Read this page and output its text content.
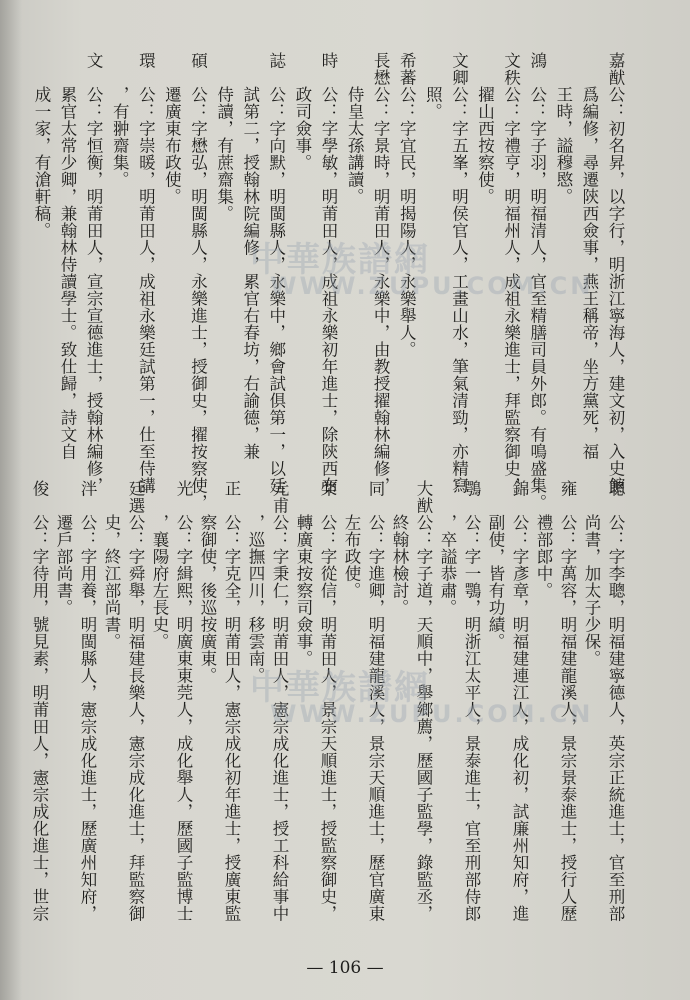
嘉猷公：初名昇，以字行，明浙江寧海人，建文初，入史館
　　爲編修，尋遷陝西僉事，燕王稱帝，坐方黨死，福
　　王時，謚穆愍。
鴻　公：字子羽，明福清人，官至精膳司員外郎。有鳴盛集。
文秩公：字禮亨，明福州人，成祖永樂進士，拜監察御史，
　　擢山西按察使。
文卿公：字五峯，明侯官人，工畫山水，筆氣清勁，亦精寫
　　照。
希蕃公：字宜民，明揭陽人，永樂舉人。
長懋公：字景時，明莆田人，永樂中，由教授擢翰林編修，
　　侍皇太孫講讀。
時　公：字學敏，明莆田人，成祖永樂初年進士，除陝西布
　　政司僉事。
誌　公：字向默，明閩縣人，永樂中，鄉會試俱第一，以廷
　　試第二，授翰林院編修，累官右春坊，右諭德，兼
　　侍讀，有蔗齋集。
碩　公：字懋弘，明閩縣人，永樂進士，授御史，擢按察使，
　　遷廣東布政使。
環　公：字崇暖，明莆田人，成祖永樂廷試第一，仕至侍講
　　，有翀齋集。
文　公：字恒衡，明莆田人，宣宗宣德進士，授翰林編修，
　　累官太常少卿，兼翰林侍讀學士。致仕歸，詩文自
　　成一家，有滄軒稿。
聰　公：字李聰，明福建寧德人，英宗正統進士，官至刑部
　　尚書，加太子少保。
雍　公：字萬容，明福建龍溪人，景宗景泰進士，授行人歷
　　禮部郎中。
錦　公：字彥章，明福建連江人，成化初，試廉州知府，進
　　副使，皆有功績。
鶚　公：字一鶚，明浙江太平人，景泰進士，官至刑部侍郎
　　，卒謚恭肅。
大猷公：字子道，天順中，舉鄉薦，歷國子監學，錄監丞，
　　終翰林檢討。
同　公：字進卿，明福建龍溪人，景宗天順進士，歷官廣東
　　左布政使。
棨　公：字從信，明莆田人，景宗天順進士，授監察御史，
　　轉廣東按察司僉事。
元甫公：字秉仁，明莆田人，憲宗成化進士，授工科給事中
　　，巡撫四川，移雲南。
正　公：字克全，明莆田人，憲宗成化初年進士，授廣東監
　　察御使，後巡按廣東。
光　公：字緝熙，明廣東東莞人，成化舉人，歷國子監博士
　　，襄陽府左長史。
廷選公：字舜舉，明福建長樂人，憲宗成化進士，拜監察御
　　史，終江部尚書。
泮　公：字用養，明閩縣人，憲宗成化進士，歷廣州知府，
　　遷戶部尚書。
俊　公：字待用，號見素，明莆田人，憲宗成化進士，世宗
中華族譜網
WWW.ZUPU.COM.CN
中華族譜網
WWW.ZUPU.COM.CN
— 106 —
